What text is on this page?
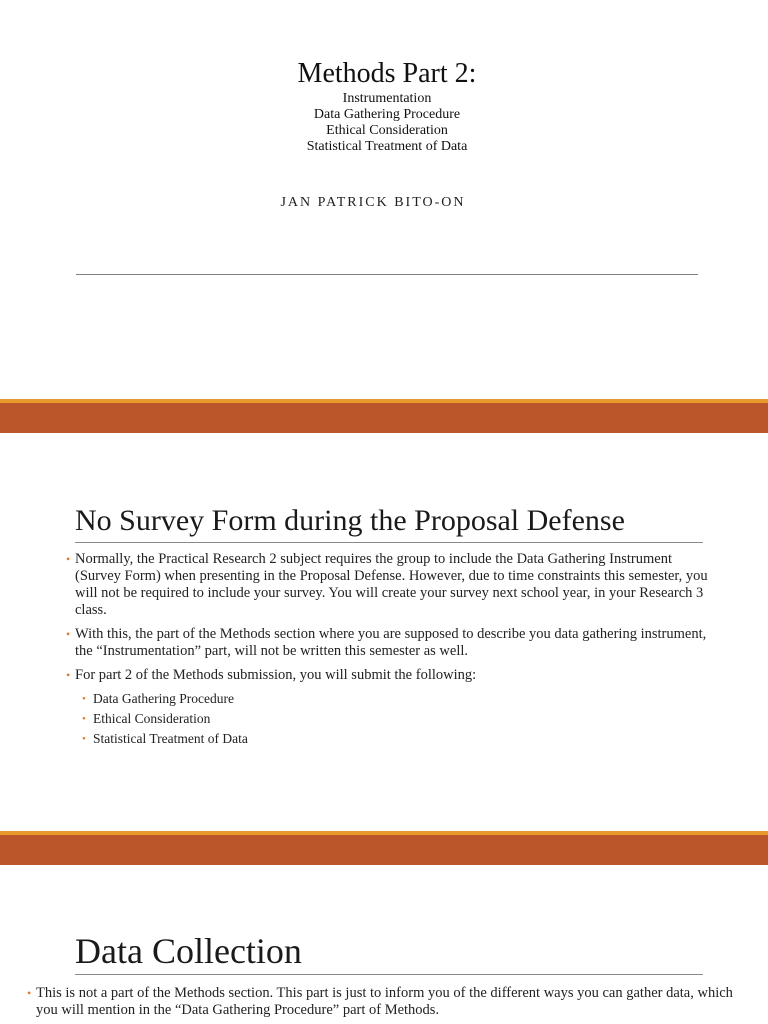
Methods Part 2:
Instrumentation
Data Gathering Procedure
Ethical Consideration
Statistical Treatment of Data
JAN PATRICK BITO-ON
No Survey Form during the Proposal Defense
• Normally, the Practical Research 2 subject requires the group to include the Data Gathering Instrument (Survey Form) when presenting in the Proposal Defense. However, due to time constraints this semester, you will not be required to include your survey. You will create your survey next school year, in your Research 3 class.
• With this, the part of the Methods section where you are supposed to describe you data gathering instrument, the “Instrumentation” part, will not be written this semester as well.
• For part 2 of the Methods submission, you will submit the following:
• Data Gathering Procedure
• Ethical Consideration
• Statistical Treatment of Data
Data Collection
• This is not a part of the Methods section. This part is just to inform you of the different ways you can gather data, which you will mention in the “Data Gathering Procedure” part of Methods.
